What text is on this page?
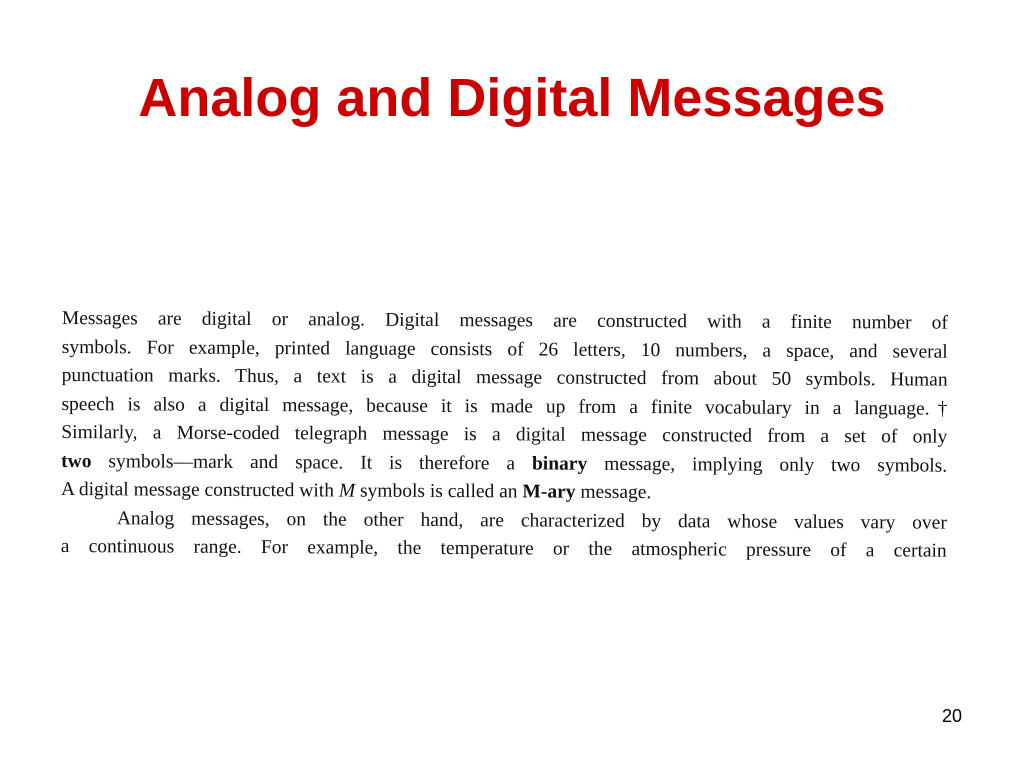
Analog and Digital Messages

Messages are digital or analog. Digital messages are constructed with a finite number of
symbols. For example, printed language consists of 26 letters, 10 numbers, a space, and several
punctuation marks. Thus, a text is a digital message constructed from about 50 symbols. Human
speech is also a digital message, because it is made up from a finite vocabulary in a language.†
Similarly, a Morse-coded telegraph message is a digital message constructed from a set of only
two symbols—mark and space. It is therefore a binary message, implying only two symbols.
A digital message constructed with M symbols is called an M-ary message.

Analog messages, on the other hand, are characterized by data whose values vary over
a continuous range. For example, the temperature or the atmospheric pressure of a certain

20
